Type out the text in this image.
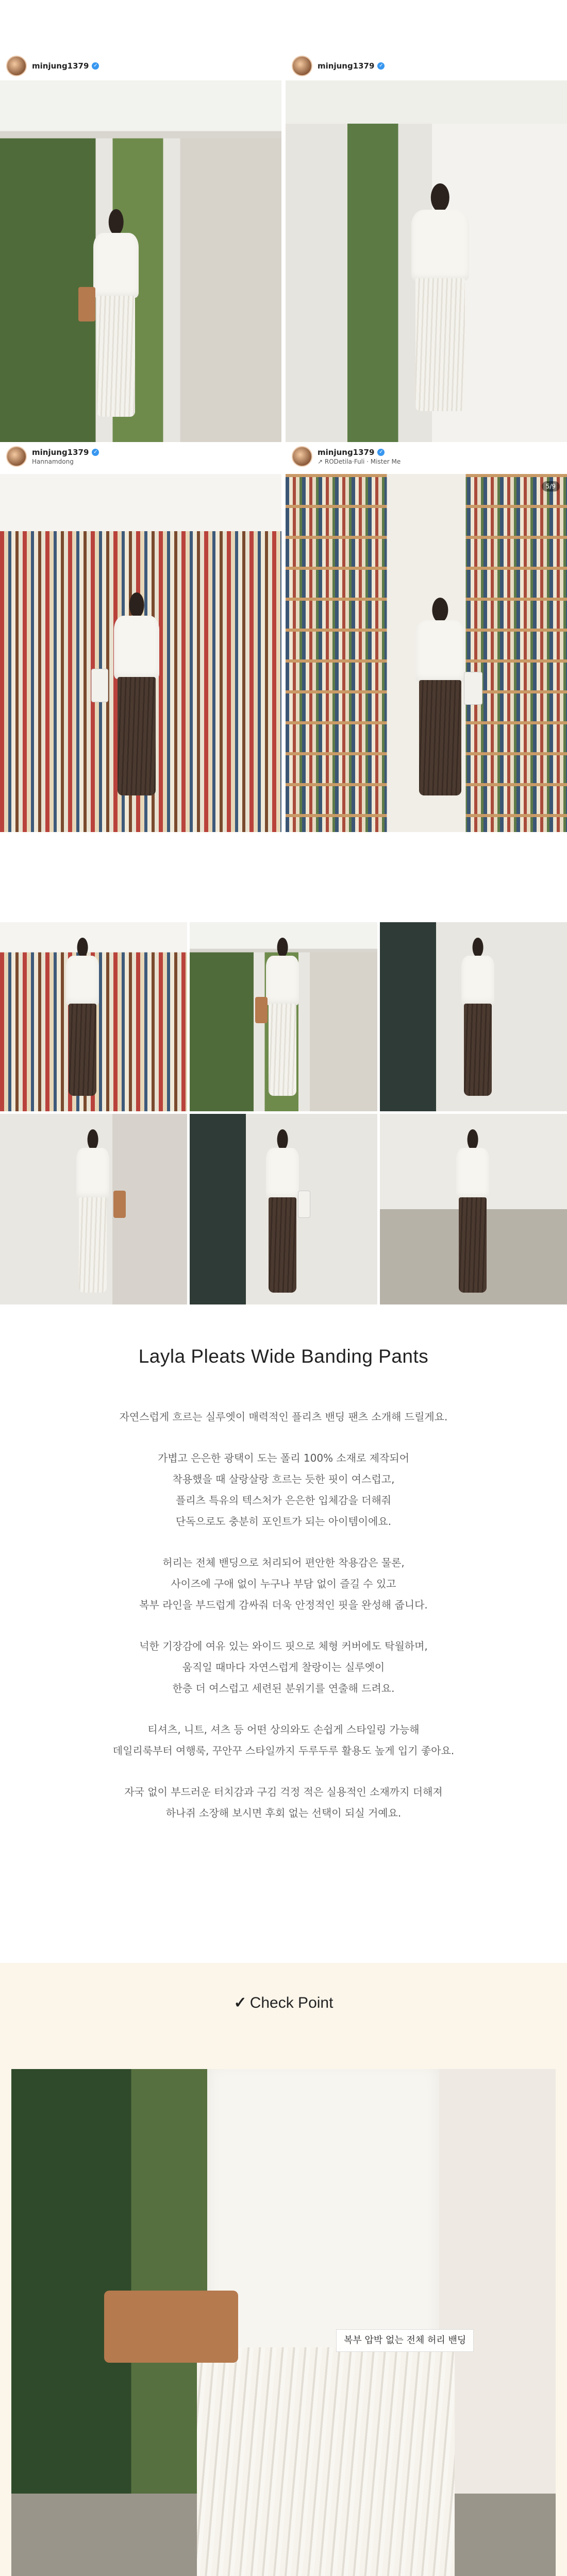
minjung1379 ✓	minjung1379 ✓
minjung1379 ✓
Hannamdong
minjung1379 ✓
↗ RODetila·Fuli · Mister Me
5/9
Layla Pleats Wide Banding Pants

자연스럽게 흐르는 실루엣이 매력적인 플리츠 밴딩 팬츠 소개해 드릴게요.

가볍고 은은한 광택이 도는 폴리 100% 소재로 제작되어

착용했을 때 살랑살랑 흐르는 듯한 핏이 여스럽고,

플리츠 특유의 텍스처가 은은한 입체감을 더해줘

단독으로도 충분히 포인트가 되는 아이템이에요.

허리는 전체 밴딩으로 처리되어 편안한 착용감은 물론,

사이즈에 구애 없이 누구나 부담 없이 즐길 수 있고

복부 라인을 부드럽게 감싸줘 더욱 안정적인 핏을 완성해 줍니다.

넉한 기장감에 여유 있는 와이드 핏으로 체형 커버에도 탁월하며,

움직일 때마다 자연스럽게 찰랑이는 실루엣이

한층 더 여스럽고 세련된 분위기를 연출해 드려요.

티셔츠, 니트, 셔츠 등 어떤 상의와도 손쉽게 스타일링 가능해

데일리룩부터 여행룩, 꾸안꾸 스타일까지 두루두루 활용도 높게 입기 좋아요.

자국 없이 부드러운 터치감과 구김 걱정 적은 실용적인 소재까지 더해져

하나쥐 소장해 보시면 후회 없는 선택이 되실 거예요.

✓ Check Point
복부 압박 없는 전체 허리 밴딩
